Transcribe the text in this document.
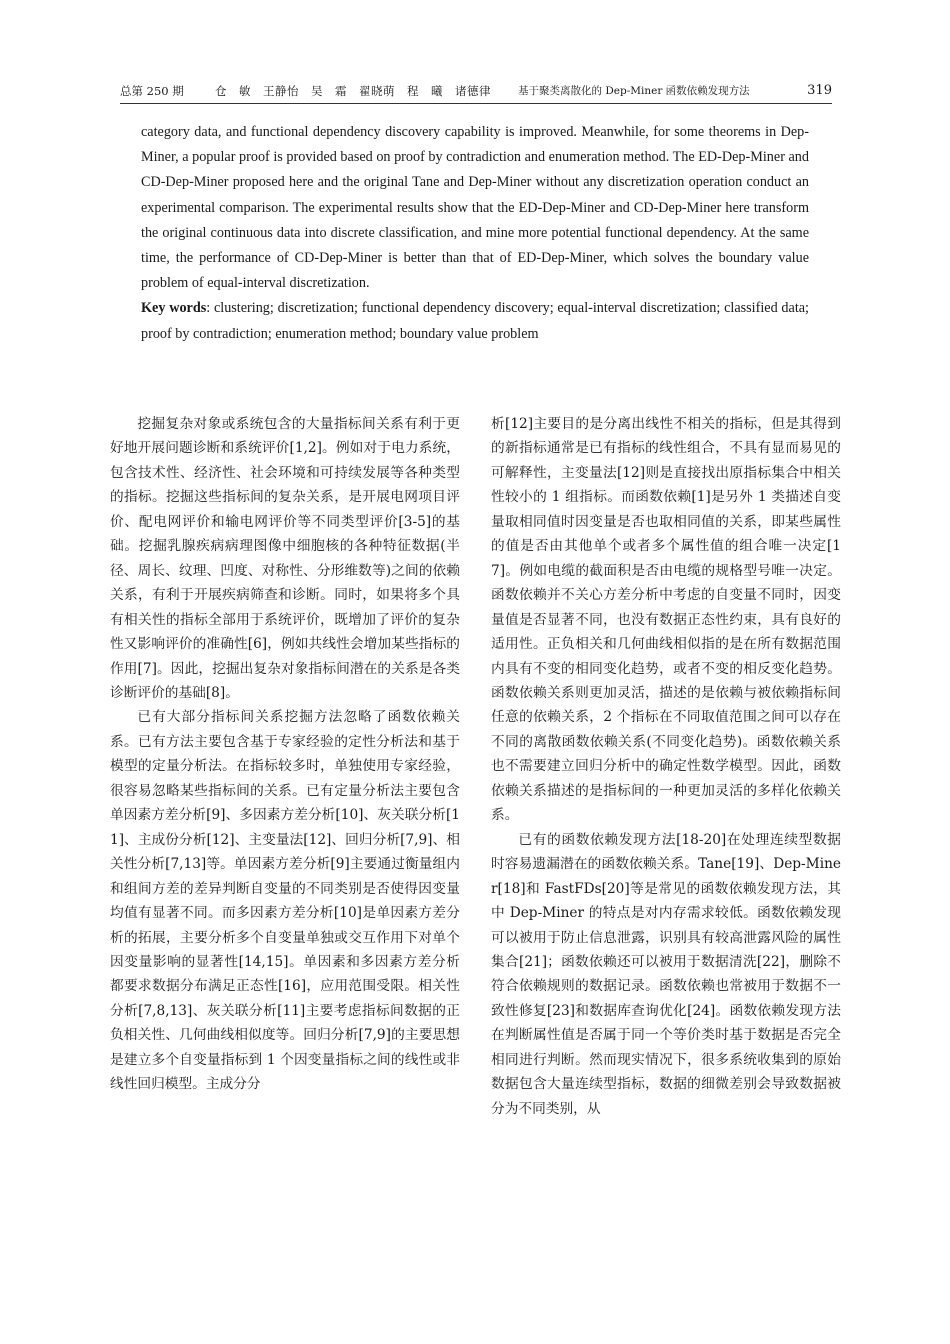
总第 250 期	仓　敏　王静怡　吴　霜　翟晓萌　程　曦　诸德律	基于聚类离散化的 Dep-Miner 函数依赖发现方法	319

category data, and functional dependency discovery capability is improved. Meanwhile, for some theorems in Dep-Miner, a popular proof is provided based on proof by contradiction and enumeration method. The ED-Dep-Miner and CD-Dep-Miner proposed here and the original Tane and Dep-Miner without any discretization operation conduct an experimental comparison. The experimental results show that the ED-Dep-Miner and CD-Dep-Miner here transform the original continuous data into discrete classification, and mine more potential functional dependency. At the same time, the performance of CD-Dep-Miner is better than that of ED-Dep-Miner, which solves the boundary value problem of equal-interval discretization.

Key words: clustering; discretization; functional dependency discovery; equal-interval discretization; classified data; proof by contradiction; enumeration method; boundary value problem

挖掘复杂对象或系统包含的大量指标间关系有利于更好地开展问题诊断和系统评价[1,2]。例如对于电力系统，包含技术性、经济性、社会环境和可持续发展等各种类型的指标。挖掘这些指标间的复杂关系，是开展电网项目评价、配电网评价和输电网评价等不同类型评价[3-5]的基础。挖掘乳腺疾病病理图像中细胞核的各种特征数据(半径、周长、纹理、凹度、对称性、分形维数等)之间的依赖关系，有利于开展疾病筛查和诊断。同时，如果将多个具有相关性的指标全部用于系统评价，既增加了评价的复杂性又影响评价的准确性[6]，例如共线性会增加某些指标的作用[7]。因此，挖掘出复杂对象指标间潜在的关系是各类诊断评价的基础[8]。

已有大部分指标间关系挖掘方法忽略了函数依赖关系。已有方法主要包含基于专家经验的定性分析法和基于模型的定量分析法。在指标较多时，单独使用专家经验，很容易忽略某些指标间的关系。已有定量分析法主要包含单因素方差分析[9]、多因素方差分析[10]、灰关联分析[11]、主成份分析[12]、主变量法[12]、回归分析[7,9]、相关性分析[7,13]等。单因素方差分析[9]主要通过衡量组内和组间方差的差异判断自变量的不同类别是否使得因变量均值有显著不同。而多因素方差分析[10]是单因素方差分析的拓展，主要分析多个自变量单独或交互作用下对单个因变量影响的显著性[14,15]。单因素和多因素方差分析都要求数据分布满足正态性[16]，应用范围受限。相关性分析[7,8,13]、灰关联分析[11]主要考虑指标间数据的正负相关性、几何曲线相似度等。回归分析[7,9]的主要思想是建立多个自变量指标到 1 个因变量指标之间的线性或非线性回归模型。主成分分

析[12]主要目的是分离出线性不相关的指标，但是其得到的新指标通常是已有指标的线性组合，不具有显而易见的可解释性，主变量法[12]则是直接找出原指标集合中相关性较小的 1 组指标。而函数依赖[1]是另外 1 类描述自变量取相同值时因变量是否也取相同值的关系，即某些属性的值是否由其他单个或者多个属性值的组合唯一决定[17]。例如电缆的截面积是否由电缆的规格型号唯一决定。函数依赖并不关心方差分析中考虑的自变量不同时，因变量值是否显著不同，也没有数据正态性约束，具有良好的适用性。正负相关和几何曲线相似指的是在所有数据范围内具有不变的相同变化趋势，或者不变的相反变化趋势。函数依赖关系则更加灵活，描述的是依赖与被依赖指标间任意的依赖关系，2 个指标在不同取值范围之间可以存在不同的离散函数依赖关系(不同变化趋势)。函数依赖关系也不需要建立回归分析中的确定性数学模型。因此，函数依赖关系描述的是指标间的一种更加灵活的多样化依赖关系。

已有的函数依赖发现方法[18-20]在处理连续型数据时容易遗漏潜在的函数依赖关系。Tane[19]、Dep-Miner[18]和 FastFDs[20]等是常见的函数依赖发现方法，其中 Dep-Miner 的特点是对内存需求较低。函数依赖发现可以被用于防止信息泄露，识别具有较高泄露风险的属性集合[21]；函数依赖还可以被用于数据清洗[22]，删除不符合依赖规则的数据记录。函数依赖也常被用于数据不一致性修复[23]和数据库查询优化[24]。函数依赖发现方法在判断属性值是否属于同一个等价类时基于数据是否完全相同进行判断。然而现实情况下，很多系统收集到的原始数据包含大量连续型指标，数据的细微差别会导致数据被分为不同类别，从
